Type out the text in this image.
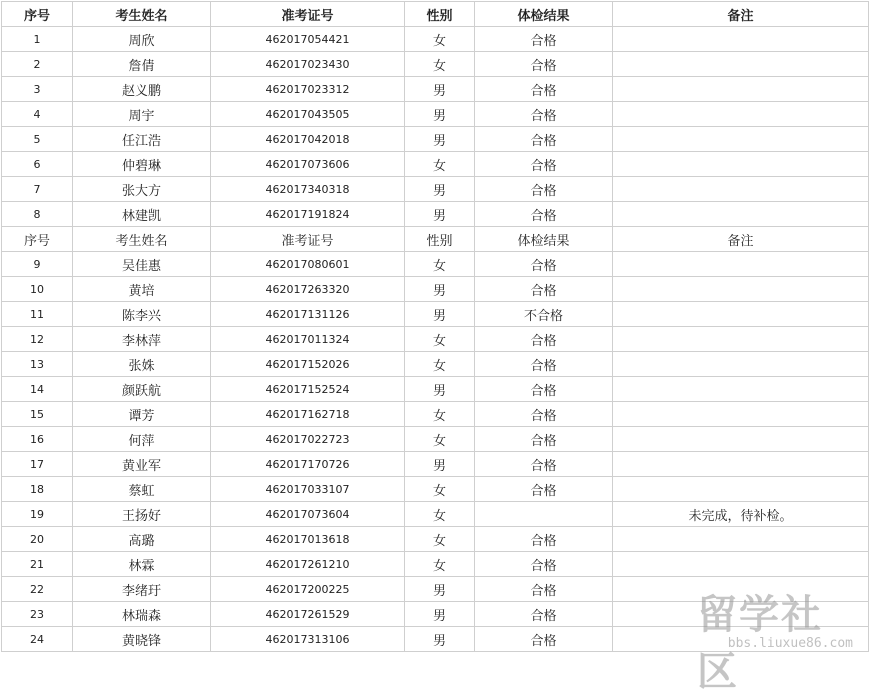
序号	考生姓名	准考证号	性别	体检结果	备注
1	周欣	462017054421	女	合格	
2	詹倩	462017023430	女	合格	
3	赵义鹏	462017023312	男	合格	
4	周宇	462017043505	男	合格	
5	任江浩	462017042018	男	合格	
6	仲碧琳	462017073606	女	合格	
7	张大方	462017340318	男	合格	
8	林建凯	462017191824	男	合格	
序号	考生姓名	准考证号	性别	体检结果	备注
9	吴佳惠	462017080601	女	合格	
10	黄培	462017263320	男	合格	
11	陈李兴	462017131126	男	不合格	
12	李林萍	462017011324	女	合格	
13	张姝	462017152026	女	合格	
14	颜跃航	462017152524	男	合格	
15	谭芳	462017162718	女	合格	
16	何萍	462017022723	女	合格	
17	黄业军	462017170726	男	合格	
18	蔡虹	462017033107	女	合格	
19	王扬好	462017073604	女		未完成，待补检。
20	高璐	462017013618	女	合格	
21	林霖	462017261210	女	合格	
22	李绪玗	462017200225	男	合格	
23	林瑞森	462017261529	男	合格	
24	黄晓锋	462017313106	男	合格	
留学社区
bbs.liuxue86.com
